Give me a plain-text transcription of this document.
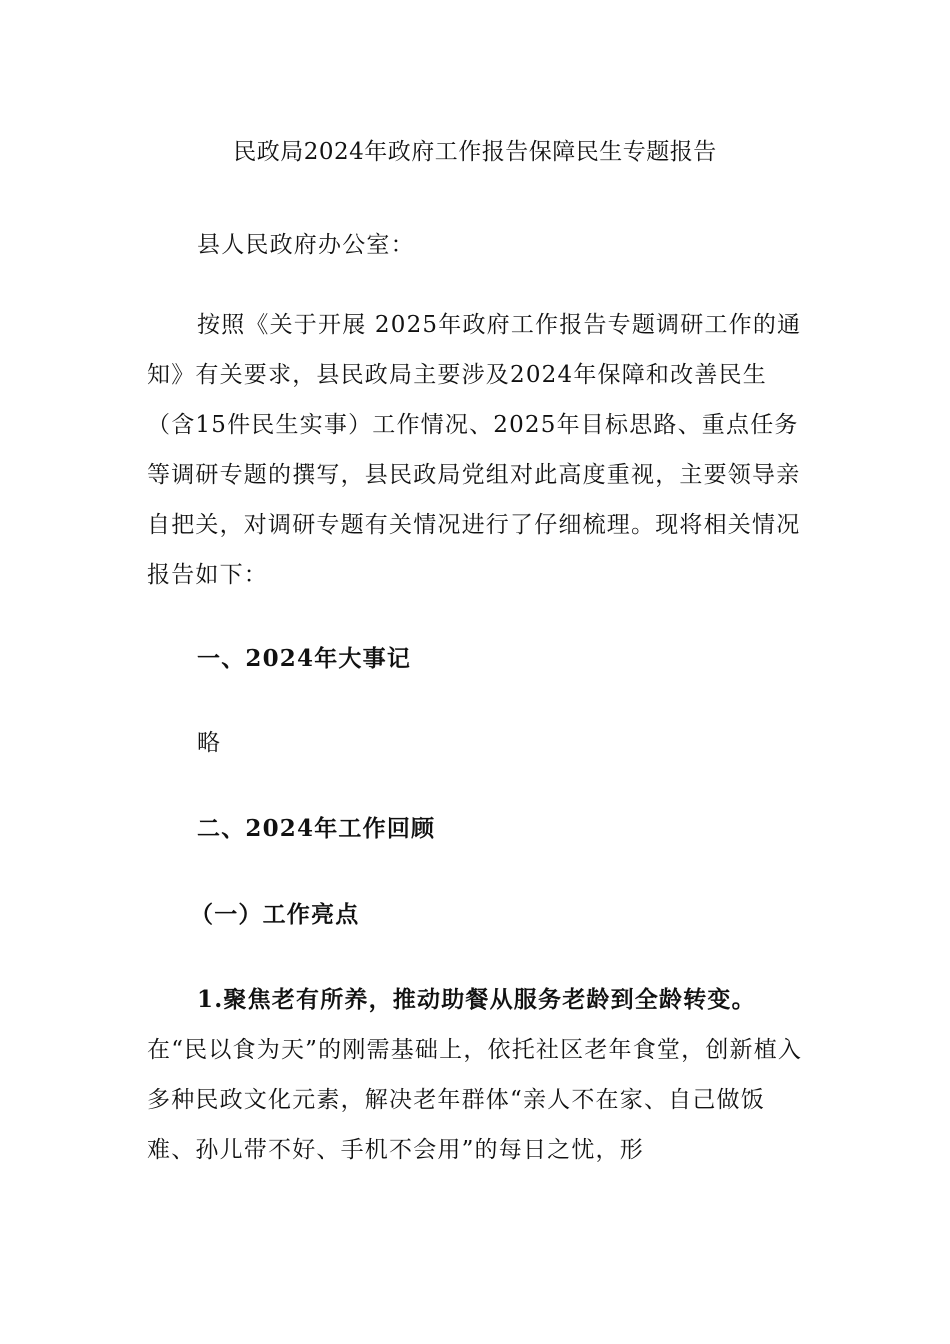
民政局2024年政府工作报告保障民生专题报告

县人民政府办公室：

按照《关于开展 2025年政府工作报告专题调研工作的通知》有关要求，县民政局主要涉及2024年保障和改善民生（含15件民生实事）工作情况、2025年目标思路、重点任务等调研专题的撰写，县民政局党组对此高度重视，主要领导亲自把关，对调研专题有关情况进行了仔细梳理。现将相关情况报告如下：

一、2024年大事记

略

二、2024年工作回顾

（一）工作亮点

1.聚焦老有所养，推动助餐从服务老龄到全龄转变。在“民以食为天”的刚需基础上，依托社区老年食堂，创新植入多种民政文化元素，解决老年群体“亲人不在家、自己做饭难、孙儿带不好、手机不会用”的每日之忧，形
